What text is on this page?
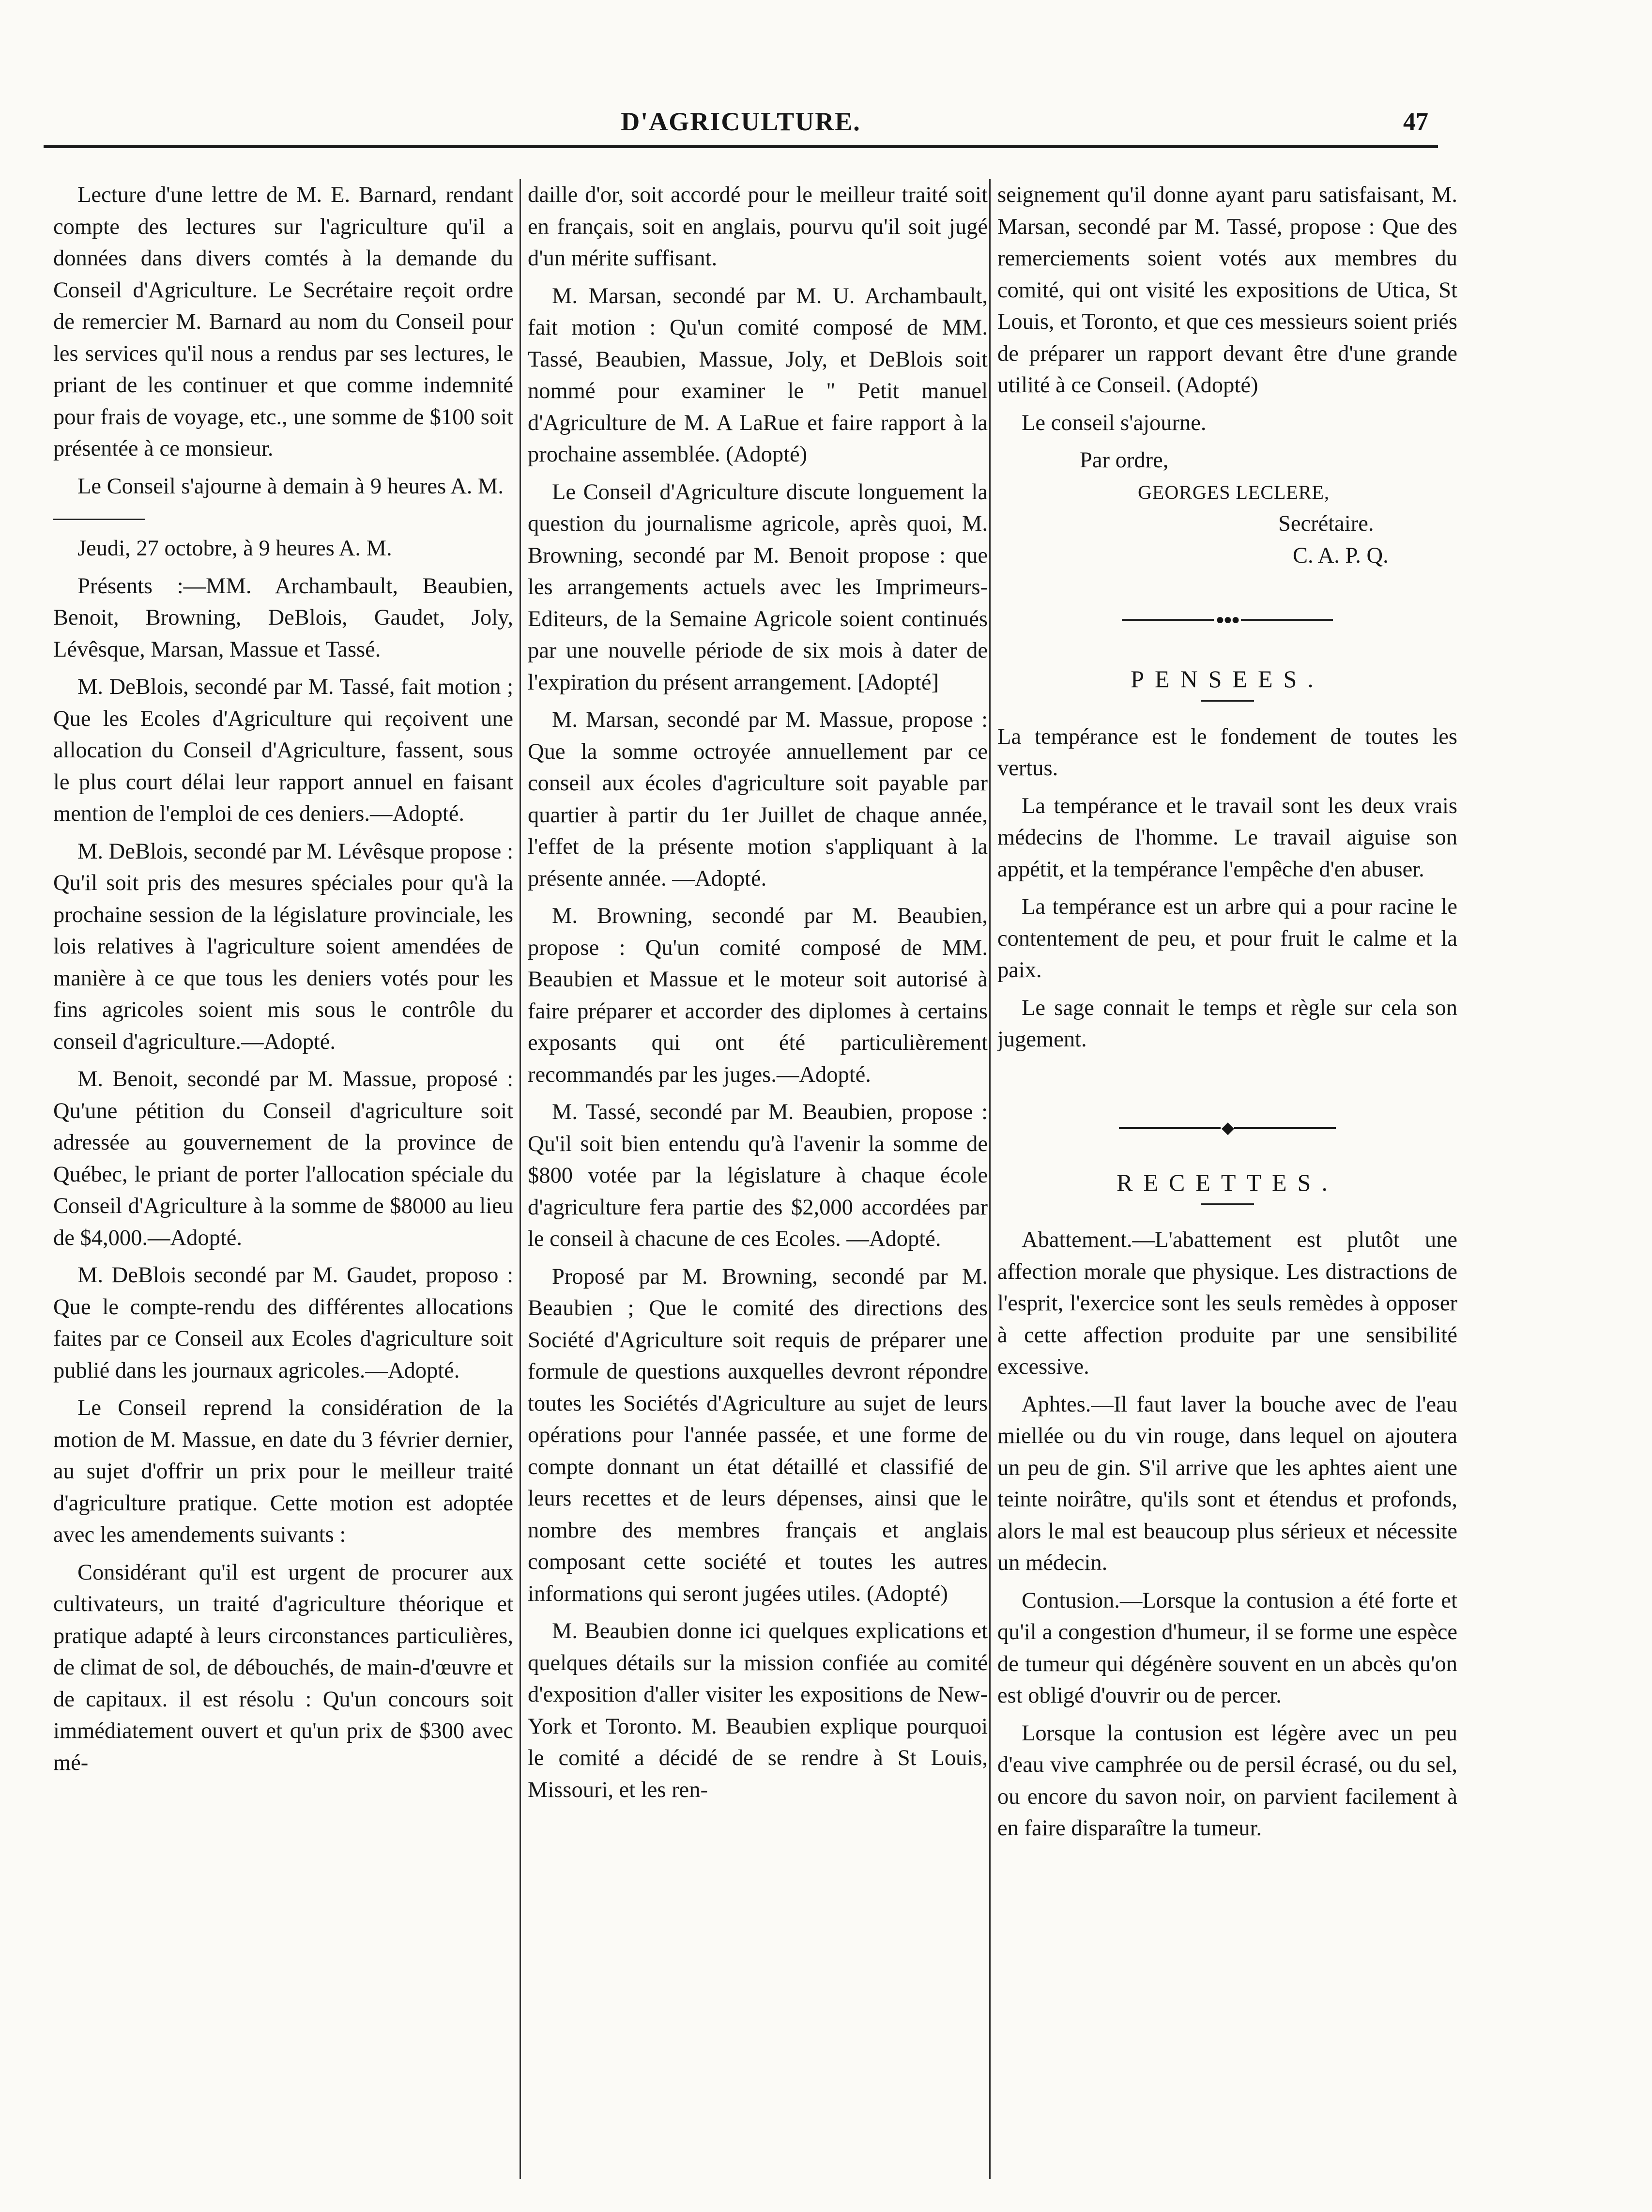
D'AGRICULTURE.	47

Lecture d'une lettre de M. E. Barnard, rendant compte des lectures sur l'agriculture qu'il a données dans divers comtés à la demande du Conseil d'Agriculture. Le Secrétaire reçoit ordre de remercier M. Barnard au nom du Conseil pour les services qu'il nous a rendus par ses lectures, le priant de les continuer et que comme indemnité pour frais de voyage, etc., une somme de $100 soit présentée à ce monsieur.

Le Conseil s'ajourne à demain à 9 heures A. M.

Jeudi, 27 octobre, à 9 heures A. M.

Présents :—MM. Archambault, Beaubien, Benoit, Browning, DeBlois, Gaudet, Joly, Lévêsque, Marsan, Massue et Tassé.

M. DeBlois, secondé par M. Tassé, fait motion ; Que les Ecoles d'Agriculture qui reçoivent une allocation du Conseil d'Agriculture, fassent, sous le plus court délai leur rapport annuel en faisant mention de l'emploi de ces deniers.—Adopté.

M. DeBlois, secondé par M. Lévêsque propose : Qu'il soit pris des mesures spéciales pour qu'à la prochaine session de la législature provinciale, les lois relatives à l'agriculture soient amendées de manière à ce que tous les deniers votés pour les fins agricoles soient mis sous le contrôle du conseil d'agriculture.—Adopté.

M. Benoit, secondé par M. Massue, proposé : Qu'une pétition du Conseil d'agriculture soit adressée au gouvernement de la province de Québec, le priant de porter l'allocation spéciale du Conseil d'Agriculture à la somme de $8000 au lieu de $4,000.—Adopté.

M. DeBlois secondé par M. Gaudet, proposo : Que le compte-rendu des différentes allocations faites par ce Conseil aux Ecoles d'agriculture soit publié dans les journaux agricoles.—Adopté.

Le Conseil reprend la considération de la motion de M. Massue, en date du 3 février dernier, au sujet d'offrir un prix pour le meilleur traité d'agriculture pratique. Cette motion est adoptée avec les amendements suivants :

Considérant qu'il est urgent de procurer aux cultivateurs, un traité d'agriculture théorique et pratique adapté à leurs circonstances particulières, de climat de sol, de débouchés, de main-d'œuvre et de capitaux. il est résolu : Qu'un concours soit immédiatement ouvert et qu'un prix de $300 avec mé-

daille d'or, soit accordé pour le meilleur traité soit en français, soit en anglais, pourvu qu'il soit jugé d'un mérite suffisant.

M. Marsan, secondé par M. U. Archambault, fait motion : Qu'un comité composé de MM. Tassé, Beaubien, Massue, Joly, et DeBlois soit nommé pour examiner le " Petit manuel d'Agriculture de M. A LaRue et faire rapport à la prochaine assemblée. (Adopté)

Le Conseil d'Agriculture discute longuement la question du journalisme agricole, après quoi, M. Browning, secondé par M. Benoit propose : que les arrangements actuels avec les Imprimeurs-Editeurs, de la Semaine Agricole soient continués par une nouvelle période de six mois à dater de l'expiration du présent arrangement. [Adopté]

M. Marsan, secondé par M. Massue, propose : Que la somme octroyée annuellement par ce conseil aux écoles d'agriculture soit payable par quartier à partir du 1er Juillet de chaque année, l'effet de la présente motion s'appliquant à la présente année. —Adopté.

M. Browning, secondé par M. Beaubien, propose : Qu'un comité composé de MM. Beaubien et Massue et le moteur soit autorisé à faire préparer et accorder des diplomes à certains exposants qui ont été particulièrement recommandés par les juges.—Adopté.

M. Tassé, secondé par M. Beaubien, propose : Qu'il soit bien entendu qu'à l'avenir la somme de $800 votée par la législature à chaque école d'agriculture fera partie des $2,000 accordées par le conseil à chacune de ces Ecoles. —Adopté.

Proposé par M. Browning, secondé par M. Beaubien ; Que le comité des directions des Société d'Agriculture soit requis de préparer une formule de questions auxquelles devront répondre toutes les Sociétés d'Agriculture au sujet de leurs opérations pour l'année passée, et une forme de compte donnant un état détaillé et classifié de leurs recettes et de leurs dépenses, ainsi que le nombre des membres français et anglais composant cette société et toutes les autres informations qui seront jugées utiles. (Adopté)

M. Beaubien donne ici quelques explications et quelques détails sur la mission confiée au comité d'exposition d'aller visiter les expositions de New-York et Toronto. M. Beaubien explique pourquoi le comité a décidé de se rendre à St Louis, Missouri, et les ren-

seignement qu'il donne ayant paru satisfaisant, M. Marsan, secondé par M. Tassé, propose : Que des remerciements soient votés aux membres du comité, qui ont visité les expositions de Utica, St Louis, et Toronto, et que ces messieurs soient priés de préparer un rapport devant être d'une grande utilité à ce Conseil. (Adopté)

Le conseil s'ajourne.

Par ordre,
GEORGES LECLERE,
Secrétaire.
C. A. P. Q.
●●●
PENSEES.

La tempérance est le fondement de toutes les vertus.

La tempérance et le travail sont les deux vrais médecins de l'homme. Le travail aiguise son appétit, et la tempérance l'empêche d'en abuser.

La tempérance est un arbre qui a pour racine le contentement de peu, et pour fruit le calme et la paix.

Le sage connait le temps et règle sur cela son jugement.

◆
RECETTES.

Abattement.—L'abattement est plutôt une affection morale que physique. Les distractions de l'esprit, l'exercice sont les seuls remèdes à opposer à cette affection produite par une sensibilité excessive.

Aphtes.—Il faut laver la bouche avec de l'eau miellée ou du vin rouge, dans lequel on ajoutera un peu de gin. S'il arrive que les aphtes aient une teinte noirâtre, qu'ils sont et étendus et profonds, alors le mal est beaucoup plus sérieux et nécessite un médecin.

Contusion.—Lorsque la contusion a été forte et qu'il a congestion d'humeur, il se forme une espèce de tumeur qui dégénère souvent en un abcès qu'on est obligé d'ouvrir ou de percer.

Lorsque la contusion est légère avec un peu d'eau vive camphrée ou de persil écrasé, ou du sel, ou encore du savon noir, on parvient facilement à en faire disparaître la tumeur.
